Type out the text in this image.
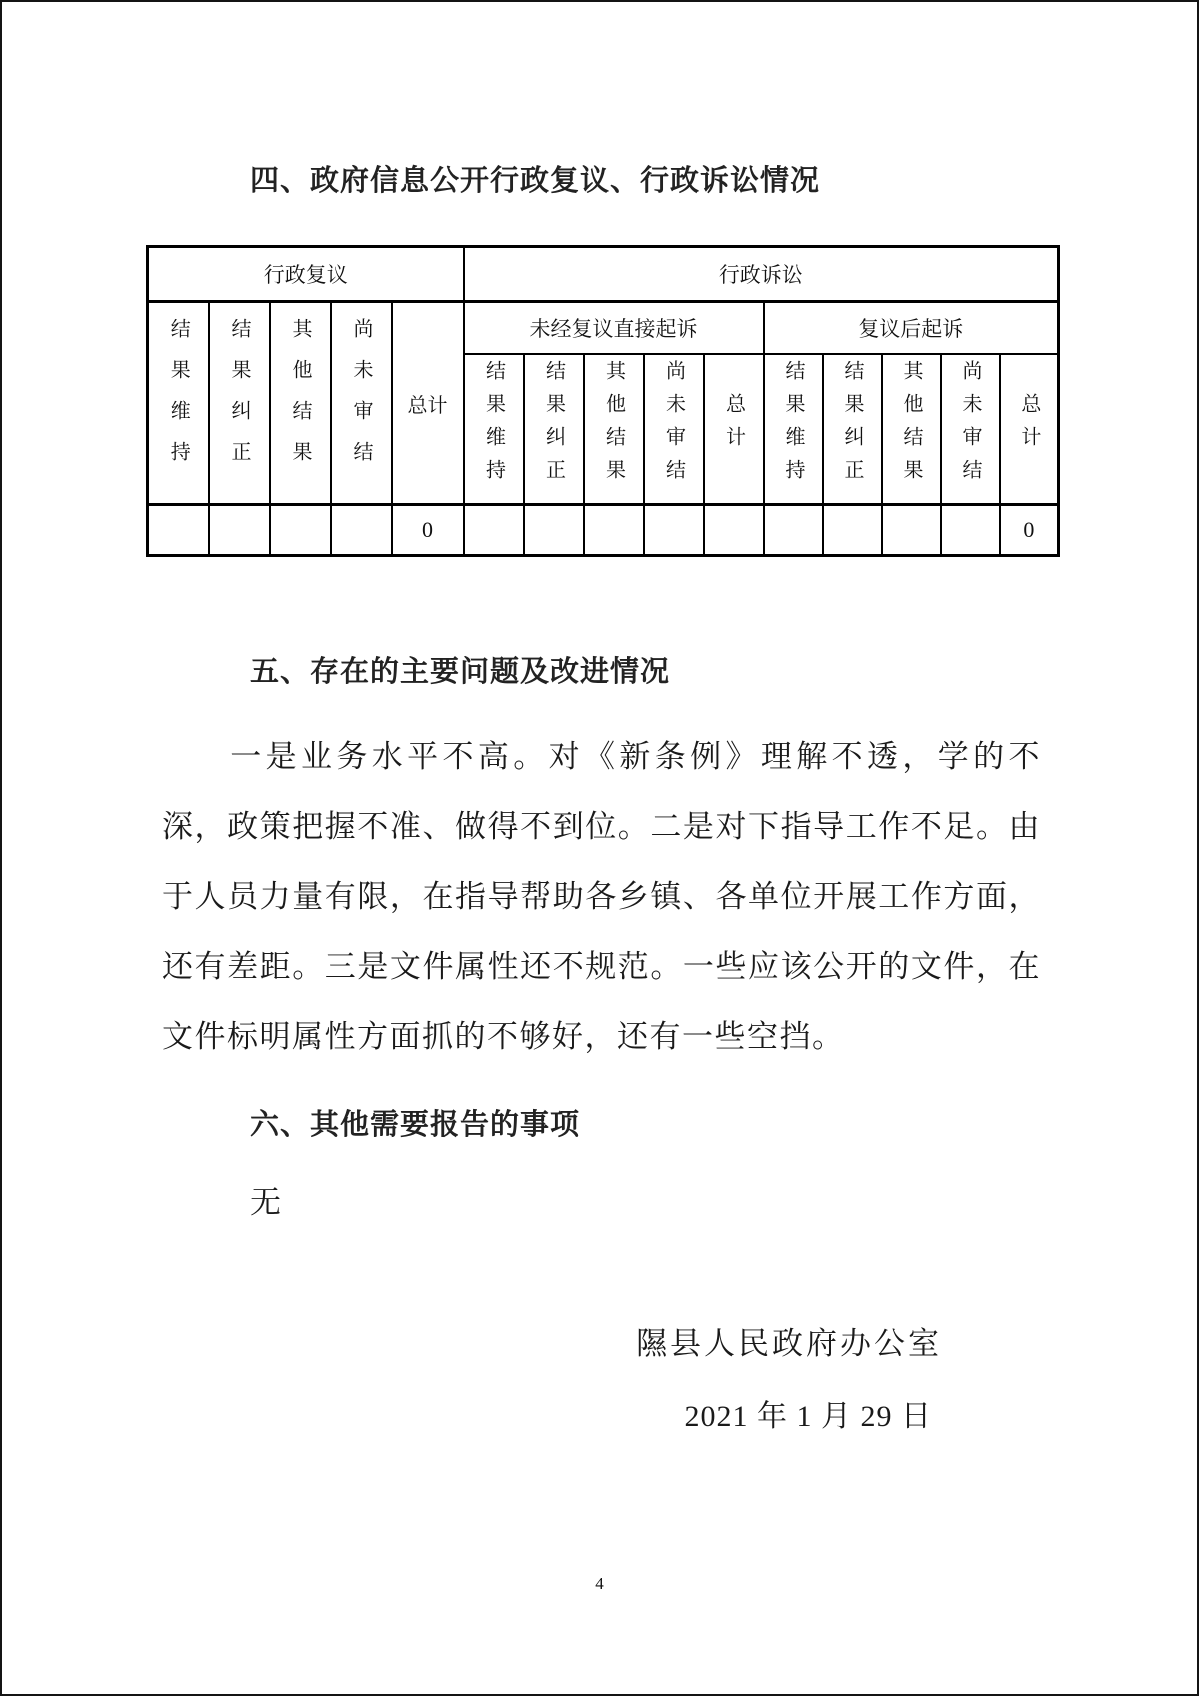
四、政府信息公开行政复议、行政诉讼情况
行政复议					行政诉讼									
结果维持	结果纠正	其他结果	尚未审结	总计	未经复议直接起诉					复议后起诉				
					结果维持	结果纠正	其他结果	尚未审结	总计	结果维持	结果纠正	其他结果	尚未审结	总计
				0										0
五、存在的主要问题及改进情况

一是业务水平不高。对《新条例》理解不透，学的不深，政策把握不准、做得不到位。二是对下指导工作不足。由于人员力量有限，在指导帮助各乡镇、各单位开展工作方面，还有差距。三是文件属性还不规范。一些应该公开的文件，在文件标明属性方面抓的不够好，还有一些空挡。

六、其他需要报告的事项

无

隰县人民政府办公室
2021 年 1 月 29 日
4
